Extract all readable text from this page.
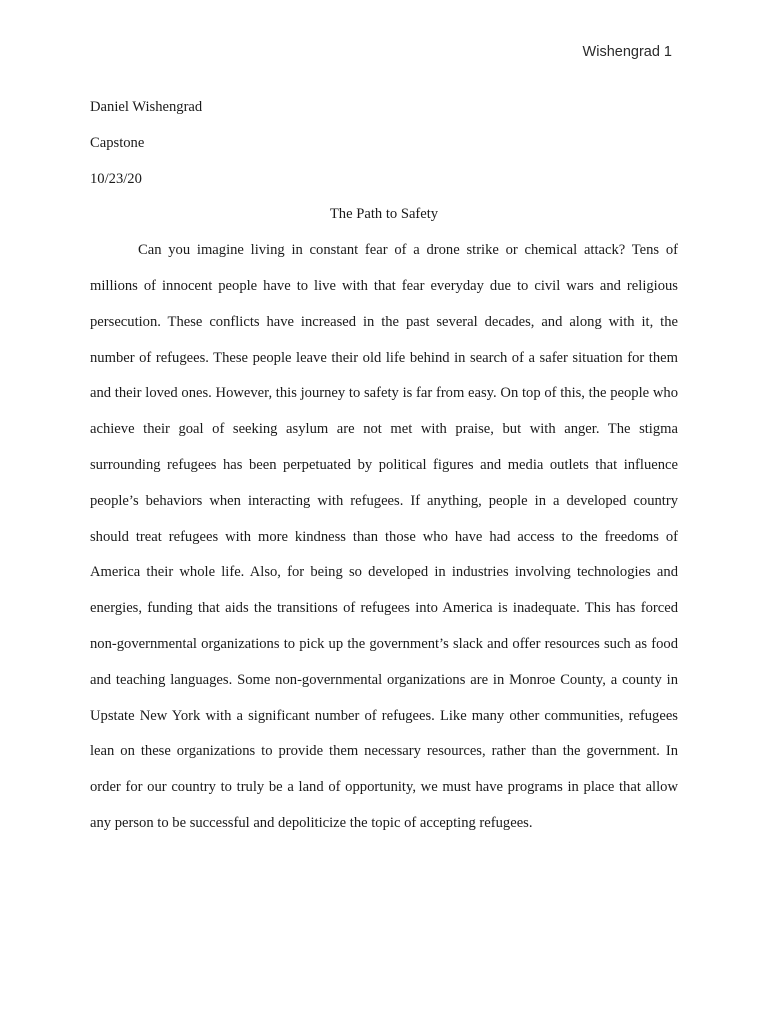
Wishengrad 1
Daniel Wishengrad
Capstone
10/23/20
The Path to Safety

Can you imagine living in constant fear of a drone strike or chemical attack? Tens of millions of innocent people have to live with that fear everyday due to civil wars and religious persecution. These conflicts have increased in the past several decades, and along with it, the number of refugees. These people leave their old life behind in search of a safer situation for them and their loved ones. However, this journey to safety is far from easy. On top of this, the people who achieve their goal of seeking asylum are not met with praise, but with anger. The stigma surrounding refugees has been perpetuated by political figures and media outlets that influence people’s behaviors when interacting with refugees. If anything, people in a developed country should treat refugees with more kindness than those who have had access to the freedoms of America their whole life. Also, for being so developed in industries involving technologies and energies, funding that aids the transitions of refugees into America is inadequate. This has forced non-governmental organizations to pick up the government’s slack and offer resources such as food and teaching languages. Some non-governmental organizations are in Monroe County, a county in Upstate New York with a significant number of refugees. Like many other communities, refugees lean on these organizations to provide them necessary resources, rather than the government. In order for our country to truly be a land of opportunity, we must have programs in place that allow any person to be successful and depoliticize the topic of accepting refugees.
